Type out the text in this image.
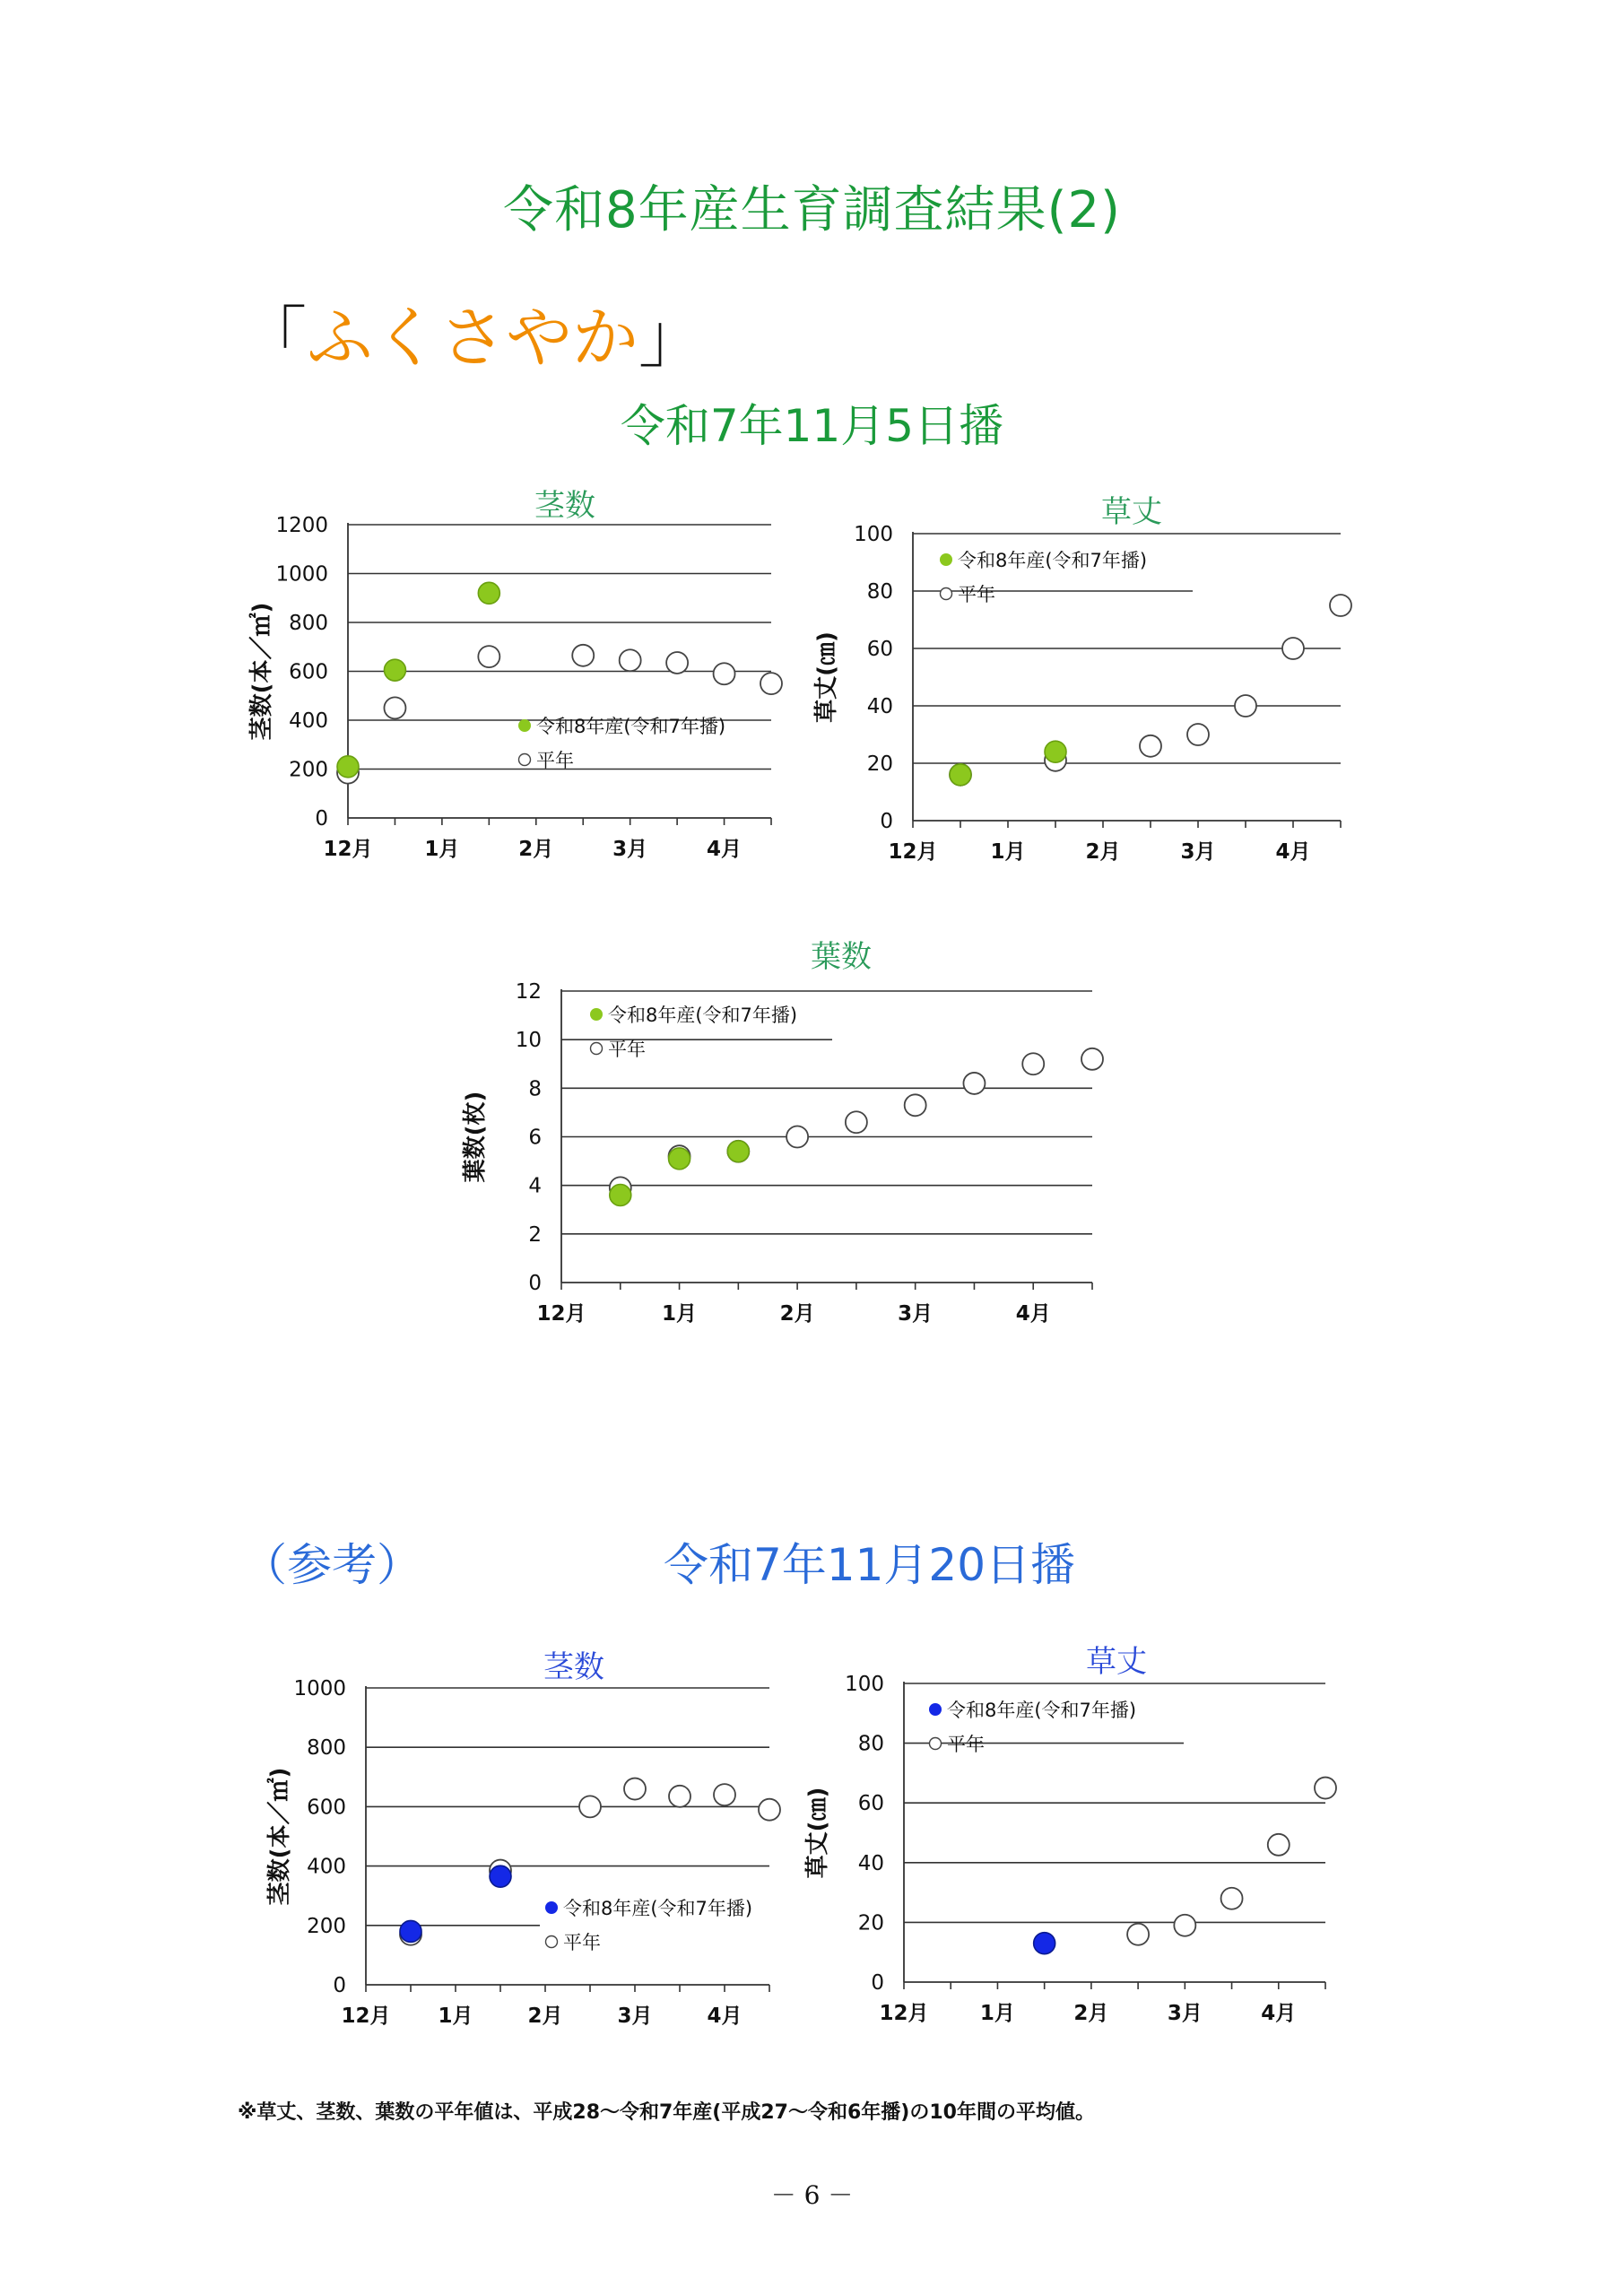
令和8年産生育調査結果(2)
「ふくさやか」
令和7年11月5日播
（参考）	令和7年11月20日播
茎数
0
200
400
600
800
1000
1200
12月	1月	2月	3月	4月
茎数(本／㎡)	令和8年産(令和7年播)
平年
草丈
0
20
40
60
80
100
12月	1月	2月	3月	4月
草丈(㎝)
令和8年産(令和7年播)
平年
葉数
0
2
4
6
8
10
12
12月	1月	2月	3月	4月
葉数(枚)
令和8年産(令和7年播)
平年
茎数
0
200
400
600
800
1000
12月 1月	2月	3月	4月
茎数(本／㎡)
令和8年産(令和7年播)
平年
草丈
0
20
40
60
80
100
12月 1月	2月	3月	4月
草丈(㎝)
令和8年産(令和7年播)
平年
※草丈、茎数、葉数の平年値は、平成28～令和7年産(平成27～令和6年播)の10年間の平均値。
－ 6 －
